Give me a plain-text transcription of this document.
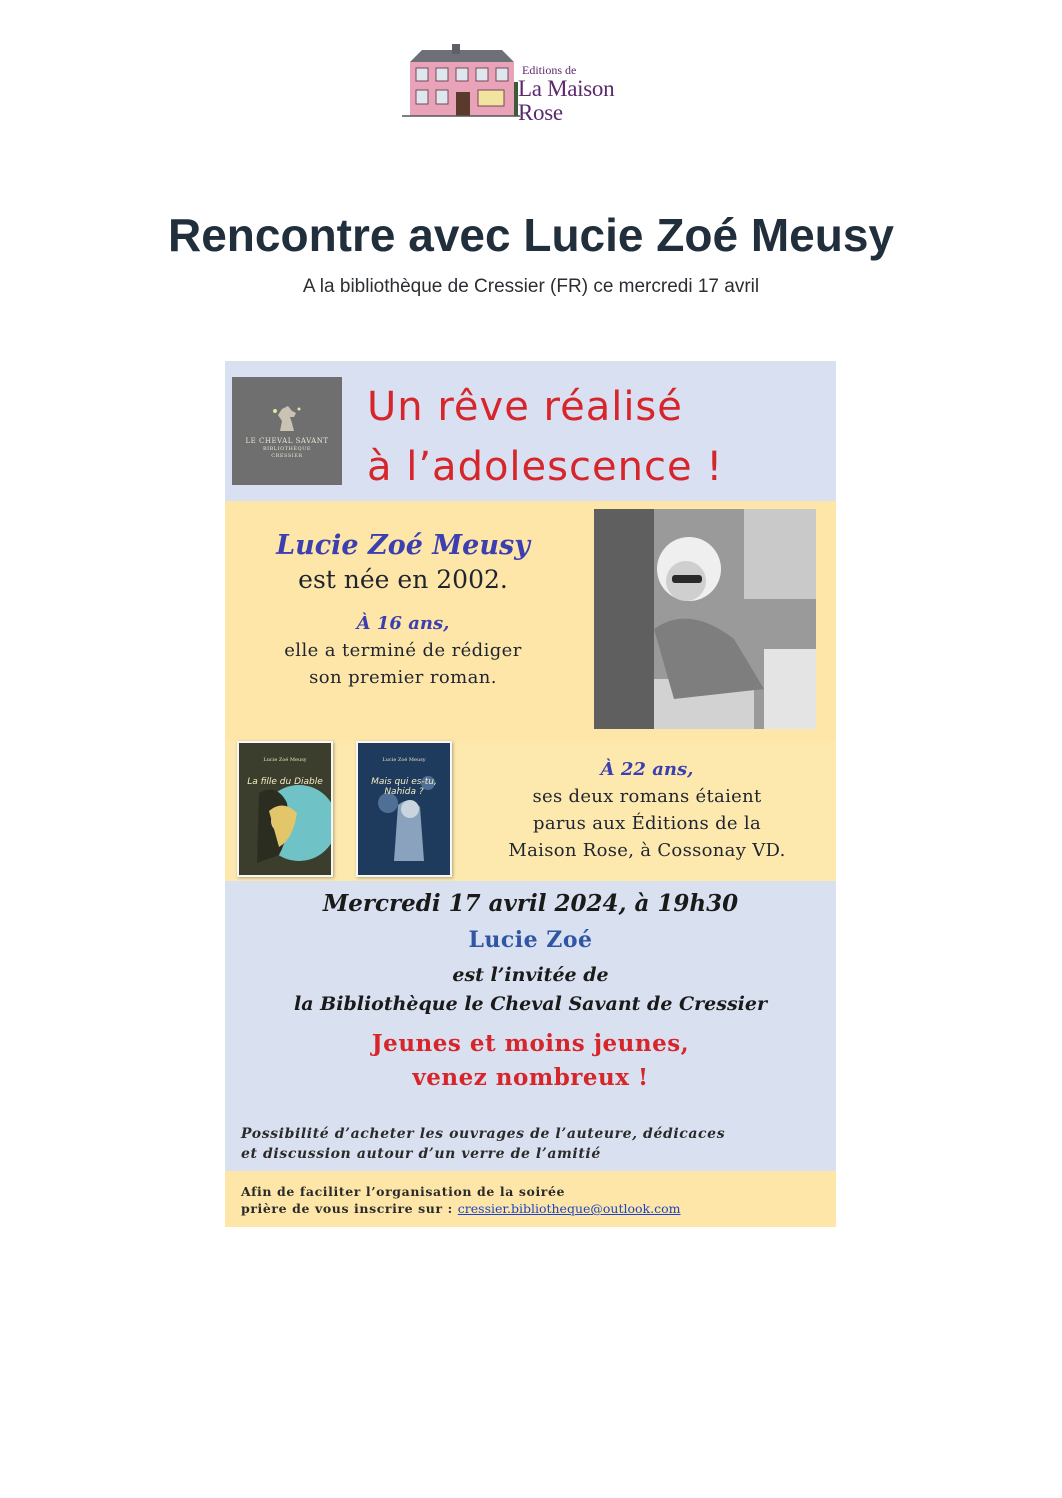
Editions de
La Maison Rose
Rencontre avec Lucie Zoé Meusy
A la bibliothèque de Cressier (FR) ce mercredi 17 avril
LE CHEVAL SAVANT
BIBLIOTHÈQUE
CRESSIER
Un rêve réalisé
à l’adolescence !
Lucie Zoé Meusy
est née en 2002.
À 16 ans,
elle a terminé de rédiger
son premier roman.
Lucie Zoé Meusy
La fille du Diable
Lucie Zoé Meusy
Mais qui es-tu, Nahida ?
À 22 ans,
ses deux romans étaient
parus aux Éditions de la
Maison Rose, à Cossonay VD.
Mercredi 17 avril 2024, à 19h30
Lucie Zoé
est l’invitée de
la Bibliothèque le Cheval Savant de Cressier
Jeunes et moins jeunes,
venez nombreux !
Possibilité d’acheter les ouvrages de l’auteure, dédicaces
et discussion autour d’un verre de l’amitié
Afin de faciliter l’organisation de la soirée
prière de vous inscrire sur : cressier.bibliotheque@outlook.com
